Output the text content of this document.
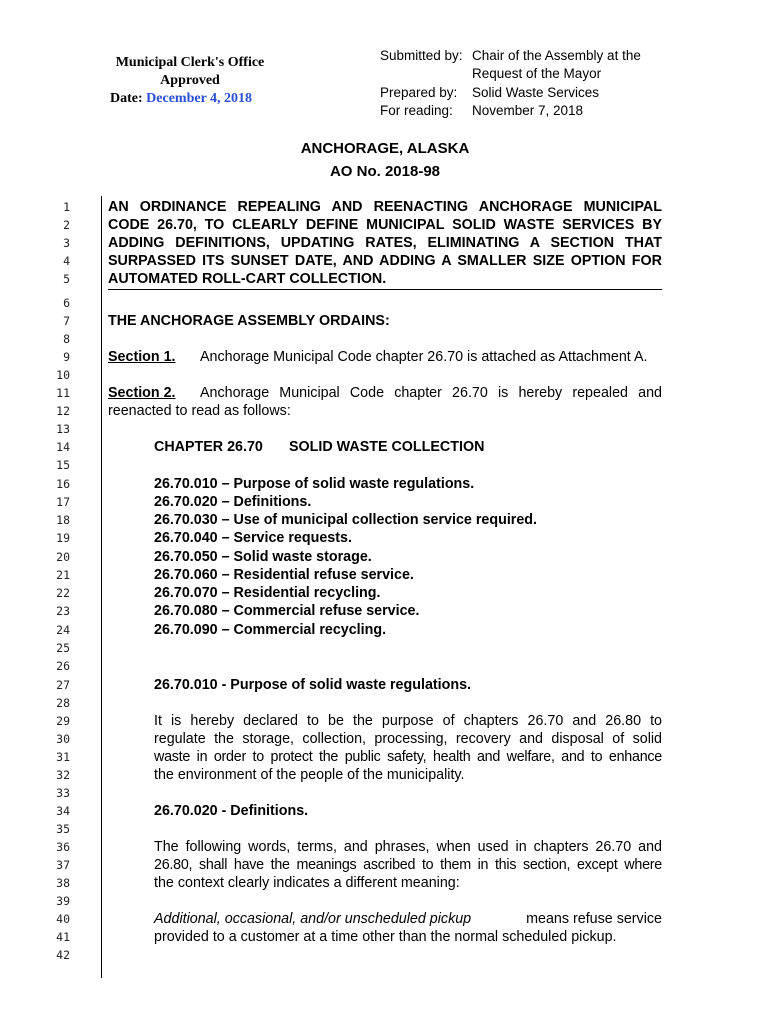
Municipal Clerk's Office
Approved
Date: December 4, 2018
Submitted by: Chair of the Assembly at the
Request of the Mayor
Prepared by:	Solid Waste Services
For reading:	November 7, 2018
ANCHORAGE, ALASKA
AO No. 2018-98
1	AN ORDINANCE REPEALING AND REENACTING ANCHORAGE MUNICIPAL
2	CODE 26.70, TO CLEARLY DEFINE MUNICIPAL SOLID WASTE SERVICES BY
3	ADDING DEFINITIONS, UPDATING RATES, ELIMINATING A SECTION THAT
4	SURPASSED ITS SUNSET DATE, AND ADDING A SMALLER SIZE OPTION FOR
5	AUTOMATED ROLL-CART COLLECTION.
6
7	THE ANCHORAGE ASSEMBLY ORDAINS:
8
9	Section 1. Anchorage Municipal Code chapter 26.70 is attached as Attachment A.
10
11	Section 2. Anchorage Municipal Code chapter 26.70 is hereby repealed and
12	reenacted to read as follows:
13
14	CHAPTER 26.70 SOLID WASTE COLLECTION
15
16	26.70.010 – Purpose of solid waste regulations.
17	26.70.020 – Definitions.
18	26.70.030 – Use of municipal collection service required.
19	26.70.040 – Service requests.
20	26.70.050 – Solid waste storage.
21	26.70.060 – Residential refuse service.
22	26.70.070 – Residential recycling.
23	26.70.080 – Commercial refuse service.
24	26.70.090 – Commercial recycling.
25
26
27	26.70.010 - Purpose of solid waste regulations.
28
29	It is hereby declared to be the purpose of chapters 26.70 and 26.80 to
30	regulate the storage, collection, processing, recovery and disposal of solid
31	waste in order to protect the public safety, health and welfare, and to enhance
32	the environment of the people of the municipality.
33
34	26.70.020 - Definitions.
35
36	The following words, terms, and phrases, when used in chapters 26.70 and
37	26.80, shall have the meanings ascribed to them in this section, except where
38	the context clearly indicates a different meaning:
39
40	Additional, occasional, and/or unscheduled pickup	means refuse service
41	provided to a customer at a time other than the normal scheduled pickup.
42
